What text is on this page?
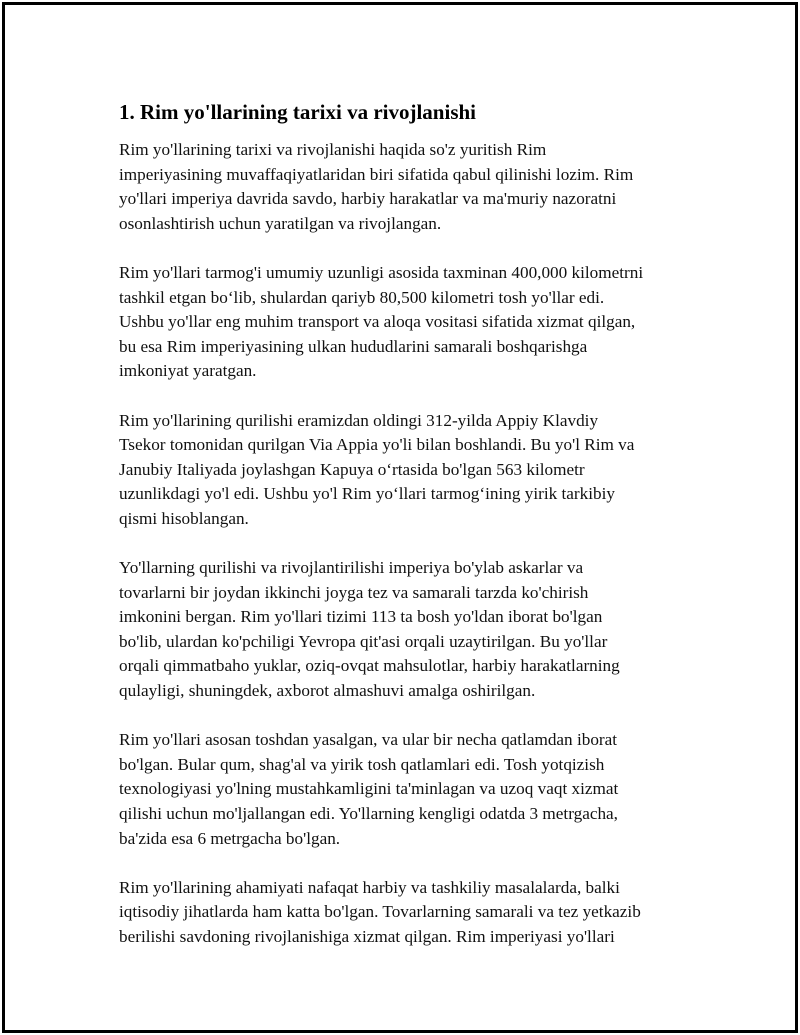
1. Rim yo'llarining tarixi va rivojlanishi

Rim yo'llarining tarixi va rivojlanishi haqida so'z yuritish Rim
imperiyasining muvaffaqiyatlaridan biri sifatida qabul qilinishi lozim. Rim
yo'llari imperiya davrida savdo, harbiy harakatlar va ma'muriy nazoratni
osonlashtirish uchun yaratilgan va rivojlangan.

Rim yo'llari tarmog'i umumiy uzunligi asosida taxminan 400,000 kilometrni
tashkil etgan bo‘lib, shulardan qariyb 80,500 kilometri tosh yo'llar edi.
Ushbu yo'llar eng muhim transport va aloqa vositasi sifatida xizmat qilgan,
bu esa Rim imperiyasining ulkan hududlarini samarali boshqarishga
imkoniyat yaratgan.

Rim yo'llarining qurilishi eramizdan oldingi 312-yilda Appiy Klavdiy
Tsekor tomonidan qurilgan Via Appia yo'li bilan boshlandi. Bu yo'l Rim va
Janubiy Italiyada joylashgan Kapuya o‘rtasida bo'lgan 563 kilometr
uzunlikdagi yo'l edi. Ushbu yo'l Rim yo‘llari tarmog‘ining yirik tarkibiy
qismi hisoblangan.

Yo'llarning qurilishi va rivojlantirilishi imperiya bo'ylab askarlar va
tovarlarni bir joydan ikkinchi joyga tez va samarali tarzda ko'chirish
imkonini bergan. Rim yo'llari tizimi 113 ta bosh yo'ldan iborat bo'lgan
bo'lib, ulardan ko'pchiligi Yevropa qit'asi orqali uzaytirilgan. Bu yo'llar
orqali qimmatbaho yuklar, oziq-ovqat mahsulotlar, harbiy harakatlarning
qulayligi, shuningdek, axborot almashuvi amalga oshirilgan.

Rim yo'llari asosan toshdan yasalgan, va ular bir necha qatlamdan iborat
bo'lgan. Bular qum, shag'al va yirik tosh qatlamlari edi. Tosh yotqizish
texnologiyasi yo'lning mustahkamligini ta'minlagan va uzoq vaqt xizmat
qilishi uchun mo'ljallangan edi. Yo'llarning kengligi odatda 3 metrgacha,
ba'zida esa 6 metrgacha bo'lgan.

Rim yo'llarining ahamiyati nafaqat harbiy va tashkiliy masalalarda, balki
iqtisodiy jihatlarda ham katta bo'lgan. Tovarlarning samarali va tez yetkazib
berilishi savdoning rivojlanishiga xizmat qilgan. Rim imperiyasi yo'llari
